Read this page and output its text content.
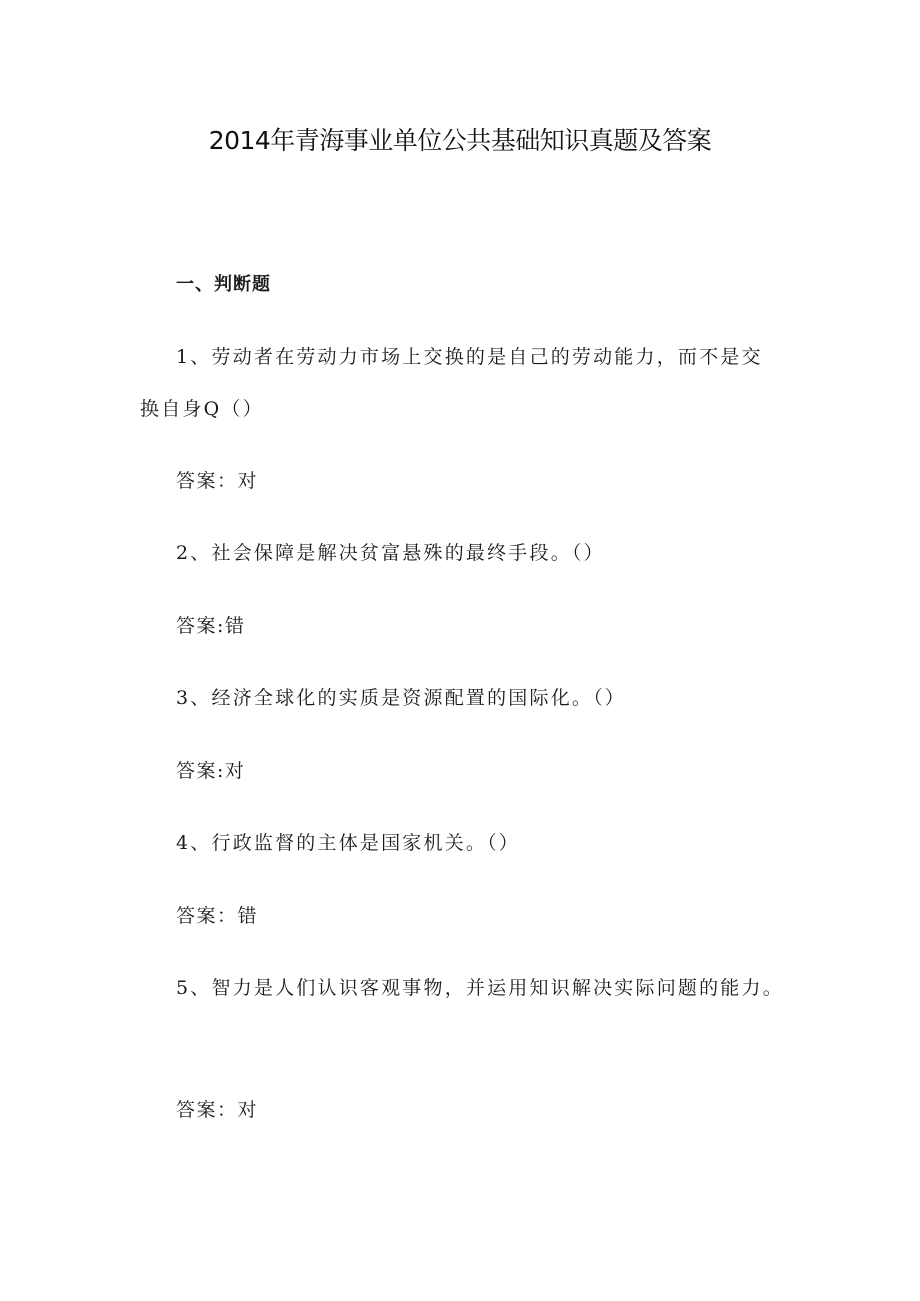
2014年青海事业单位公共基础知识真题及答案
一、判断题
1、劳动者在劳动力市场上交换的是自己的劳动能力，而不是交
换自身Q（）
答案：对
2、社会保障是解决贫富悬殊的最终手段。（）
答案:错
3、经济全球化的实质是资源配置的国际化。（）
答案:对
4、行政监督的主体是国家机关。（）
答案：错
5、智力是人们认识客观事物，并运用知识解决实际问题的能力。
答案：对
